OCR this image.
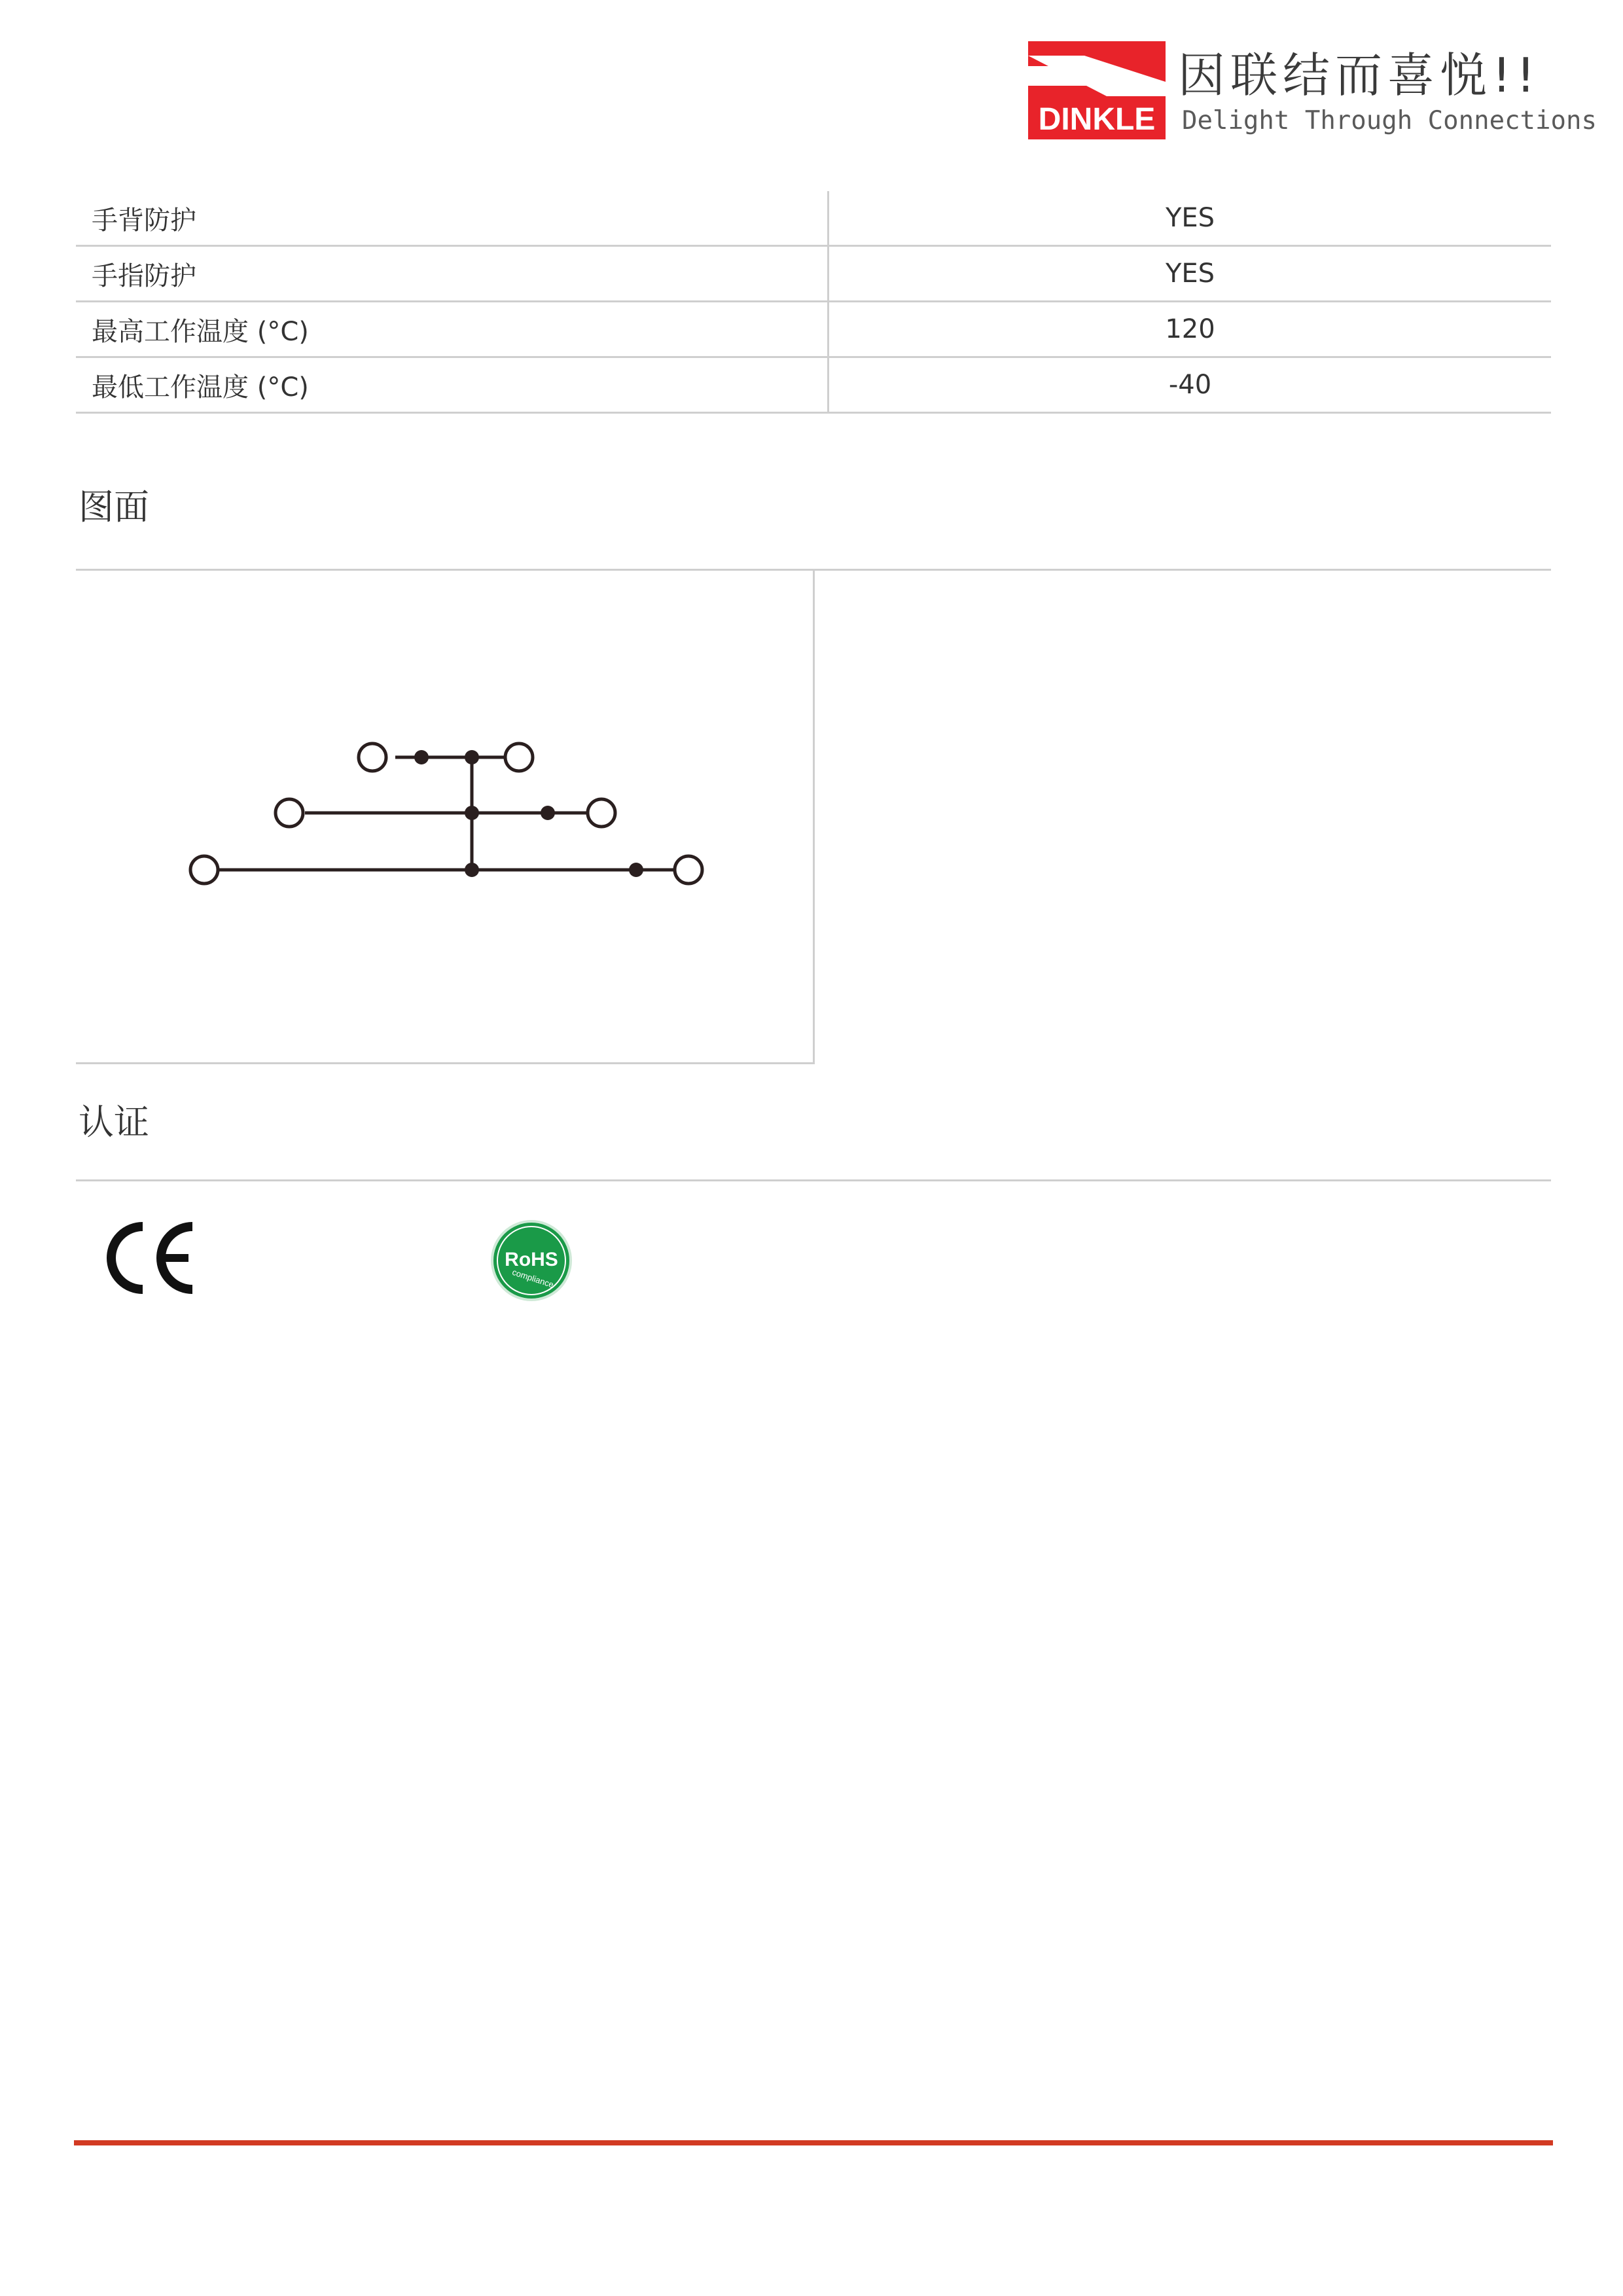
DINKLE
因联结而喜悦!!
Delight Through Connections
手背防护	YES
手指防护	YES
最高工作温度 (°C)	120
最低工作温度 (°C)	-40
图面
认证
RoHS
compliance
